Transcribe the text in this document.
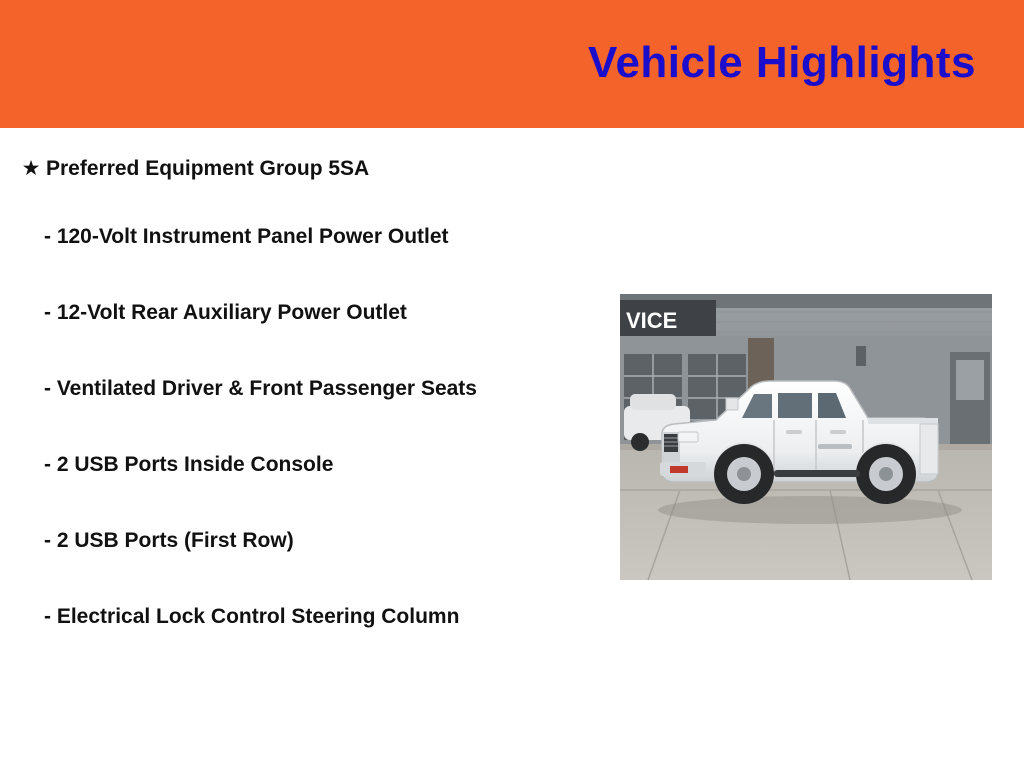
Vehicle Highlights
★ Preferred Equipment Group 5SA
- 120-Volt Instrument Panel Power Outlet
- 12-Volt Rear Auxiliary Power Outlet
- Ventilated Driver & Front Passenger Seats
- 2 USB Ports Inside Console
- 2 USB Ports (First Row)
- Electrical Lock Control Steering Column
VICE
